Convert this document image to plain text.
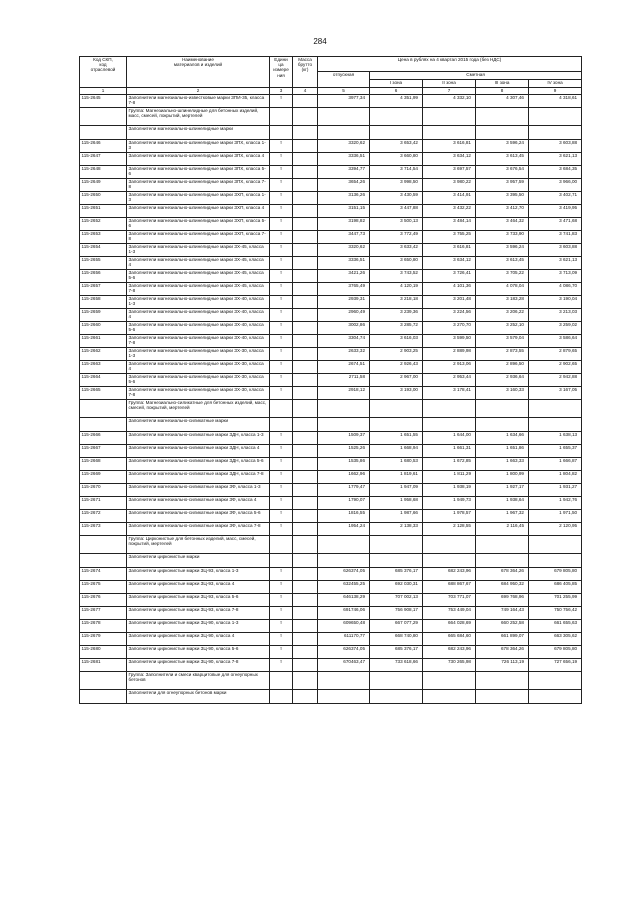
284
Код СКП,
код
отраслевой	Наименование
материалов и изделий	Едини
ца
измере
ния	Масса
брутто
(кг)	Цена в рублях на 4 квартал 2015 года (без НДС)				
				отпускная	Сметная			
					I зона	II зона	III зона	IV зона
1	2	3	4	5	6	7	8	9
115-2645	Заполнители магнезиально-известковые марки ЗПИ-35, класса 7-8	т		3977,34	4 351,99	4 332,10	4 307,46	4 318,61
	Группа: Магнезиально-шпинелидные для бетонных изделий, масс, смесей, покрытий, мертелей							
	Заполнители магнезиально-шпинелидные марки							
115-2646	Заполнители магнезиально-шпинелидные марки ЗПХ, класса 1-3	т		3320,62	3 653,42	3 616,81	3 596,24	3 603,88
115-2647	Заполнители магнезиально-шпинелидные марки ЗПХ, класса 4	т		3336,51	3 660,80	3 634,12	3 613,45	3 621,13
115-2648	Заполнители магнезиально-шпинелидные марки ЗПХ, класса 5-6	т		3394,77	3 714,54	3 697,57	3 676,54	3 684,35
115-2649	Заполнители магнезиально-шпинелидные марки ЗПХ, класса 7-8	т		3654,26	3 998,50	3 980,22	3 957,59	3 966,00
115-2650	Заполнители магнезиально-шпинелидные марки ЗХП, класса 1-3	т		3136,26	3 430,59	3 414,91	3 395,50	3 402,71
115-2651	Заполнители магнезиально-шпинелидные марки ЗХП, класса 4	т		3151,15	3 447,88	3 432,22	3 412,70	3 419,95
115-2652	Заполнители магнезиально-шпинелидные марки ЗХП, класса 5-6	т		3198,82	3 500,13	3 484,14	3 464,32	3 471,68
115-2653	Заполнители магнезиально-шпинелидные марки ЗХП, класса 7-8	т		3447,73	3 772,49	3 755,25	3 733,90	3 741,83
115-2654	Заполнители магнезиально-шпинелидные марки ЗХ-45, класса 1-3	т		3320,62	3 633,42	3 616,81	3 596,24	3 603,88
115-2655	Заполнители магнезиально-шпинелидные марки ЗХ-45, класса 4	т		3336,51	3 650,80	3 634,12	3 613,45	3 621,13
115-2656	Заполнители магнезиально-шпинелидные марки ЗХ-45, класса 5-6	т		3421,26	3 743,52	3 726,41	3 705,22	3 713,09
115-2657	Заполнители магнезиально-шпинелидные марки ЗХ-45, класса 7-8	т		3765,49	4 120,19	4 101,36	4 078,04	4 086,70
115-2658	Заполнители магнезиально-шпинелидные марки ЗХ-40, класса 1-3	т		2939,31	3 218,18	3 201,48	3 183,28	3 190,04
115-2659	Заполнители магнезиально-шпинелидные марки ЗХ-40, класса 4	т		2960,49	3 239,36	3 224,56	3 206,22	3 213,03
115-2660	Заполнители магнезиально-шпинелидные марки ЗХ-40, класса 5-6	т		3002,86	3 285,72	3 270,70	3 252,10	3 259,02
115-2661	Заполнители магнезиально-шпинелидные марки ЗХ-40, класса 7-8	т		3304,74	3 616,03	3 599,50	3 579,04	3 586,64
115-2662	Заполнители магнезиально-шпинелидные марки ЗХ-30, класса 1-3	т		2633,32	2 903,25	2 889,98	2 873,55	2 879,65
115-2663	Заполнители магнезиально-шпинелидные марки ЗХ-30, класса 4	т		2674,51	2 926,43	2 913,06	2 896,50	2 902,65
115-2664	Заполнители магнезиально-шпинелидные марки ЗХ-30, класса 5-6	т		2711,58	2 967,00	2 953,44	2 936,64	2 942,88
115-2665	Заполнители магнезиально-шпинелидные марки ЗХ-30, класса 7-8	т		2918,12	3 193,00	3 178,41	3 160,33	3 167,05
	Группа: Магнезиально-силикатные для бетонных изделий, масс, смесей, покрытий, мертелей							
	Заполнители магнезиально-силикатные марки							
115-2666	Заполнители магнезиально-силикатные марки ЗДН, класса 1-3	т		1509,37	1 651,55	1 644,00	1 634,66	1 638,13
115-2667	Заполнители магнезиально-силикатные марки ЗДН, класса 4	т		1525,26	1 668,94	1 661,31	1 651,86	1 655,37
115-2668	Заполнители магнезиально-силикатные марки ЗДН, класса 5-6	т		1535,86	1 680,53	1 672,85	1 663,33	1 666,87
115-2669	Заполнители магнезиально-силикатные марки ЗДН, класса 7-8	т		1662,96	1 819,61	1 811,29	1 800,99	1 804,82
115-2670	Заполнители магнезиально-силикатные марки ЗФ, класса 1-3	т		1779,47	1 947,09	1 938,19	1 927,17	1 931,27
115-2671	Заполнители магнезиально-силикатные марки ЗФ, класса 4	т		1790,07	1 958,68	1 949,73	1 938,64	1 942,76
115-2672	Заполнители магнезиально-силикатные марки ЗФ, класса 5-6	т		1816,55	1 987,66	1 978,57	1 967,32	1 971,50
115-2673	Заполнители магнезиально-силикатные марки ЗФ, класса 7-8	т		1954,24	2 138,33	2 128,55	2 116,45	2 120,95
	Группа: Цирконистые для бетонных изделий, масс, смесей, покрытий, мертелей							
	Заполнители цирконистые марки							
115-2674	Заполнители цирконистые марки ЗЦ-93, класса 1-3	т		626374,05	685 376,17	682 243,96	678 364,26	679 805,80
115-2675	Заполнители цирконистые марки ЗЦ-93, класса 4	т		632455,25	692 030,31	688 867,67	684 950,32	686 405,85
115-2676	Заполнители цирконистые марки ЗЦ-93, класса 5-6	т		646138,29	707 002,13	703 771,07	699 768,96	701 255,99
115-2677	Заполнители цирконистые марки ЗЦ-93, класса 7-8	т		691746,06	756 908,17	753 449,04	749 164,43	750 756,42
115-2678	Заполнители цирконистые марки ЗЦ-90, класса 1-3	т		609650,48	667 077,29	664 028,69	660 252,58	661 655,63
115-2679	Заполнители цирконистые марки ЗЦ-90, класса 4	т		611170,77	668 740,80	665 684,60	661 899,07	663 305,62
115-2680	Заполнители цирконистые марки ЗЦ-90, класса 5-6	т		626374,05	685 376,17	682 243,96	678 364,26	679 805,80
115-2681	Заполнители цирконистые марки ЗЦ-90, класса 7-8	т		670463,47	733 618,66	730 265,98	726 113,19	727 656,19
	Группа: Заполнители и смеси кварцитовые для огнеупорных бетонов							
	Заполнители для огнеупорных бетонов марки							
